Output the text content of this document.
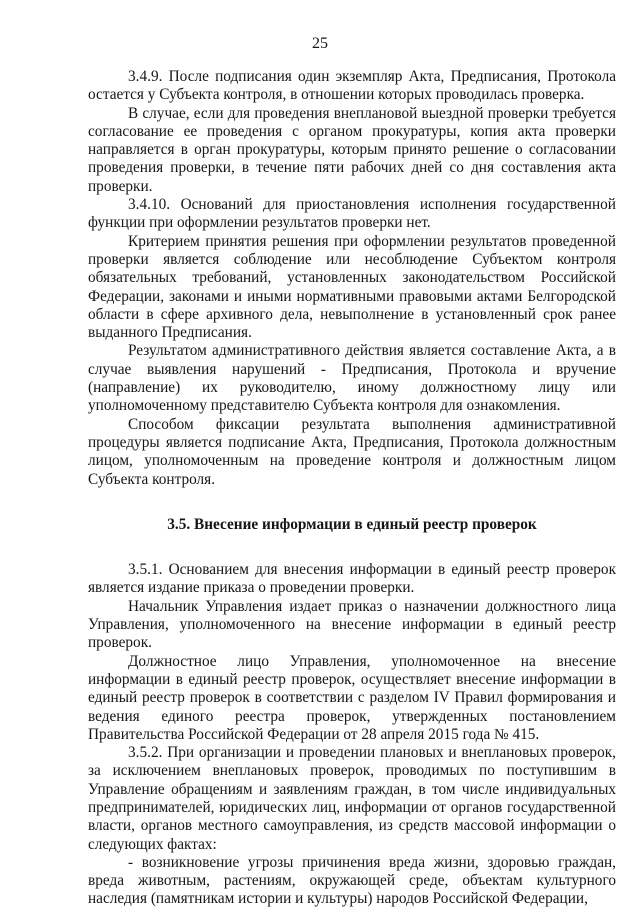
25

3.4.9. После подписания один экземпляр Акта, Предписания, Протокола остается у Субъекта контроля, в отношении которых проводилась проверка.

В случае, если для проведения внеплановой выездной проверки требуется согласование ее проведения с органом прокуратуры, копия акта проверки направляется в орган прокуратуры, которым принято решение о согласовании проведения проверки, в течение пяти рабочих дней со дня составления акта проверки.

3.4.10. Оснований для приостановления исполнения государственной функции при оформлении результатов проверки нет.

Критерием принятия решения при оформлении результатов проведенной проверки является соблюдение или несоблюдение Субъектом контроля обязательных требований, установленных законодательством Российской Федерации, законами и иными нормативными правовыми актами Белгородской области в сфере архивного дела, невыполнение в установленный срок ранее выданного Предписания.

Результатом административного действия является составление Акта, а в случае выявления нарушений - Предписания, Протокола и вручение (направление) их руководителю, иному должностному лицу или уполномоченному представителю Субъекта контроля для ознакомления.

Способом фиксации результата выполнения административной процедуры является подписание Акта, Предписания, Протокола должностным лицом, уполномоченным на проведение контроля и должностным лицом Субъекта контроля.

3.5. Внесение информации в единый реестр проверок

3.5.1. Основанием для внесения информации в единый реестр проверок является издание приказа о проведении проверки.

Начальник Управления издает приказ о назначении должностного лица Управления, уполномоченного на внесение информации в единый реестр проверок.

Должностное лицо Управления, уполномоченное на внесение информации в единый реестр проверок, осуществляет внесение информации в единый реестр проверок в соответствии с разделом IV Правил формирования и ведения единого реестра проверок, утвержденных постановлением Правительства Российской Федерации от 28 апреля 2015 года № 415.

3.5.2. При организации и проведении плановых и внеплановых проверок, за исключением внеплановых проверок, проводимых по поступившим в Управление обращениям и заявлениям граждан, в том числе индивидуальных предпринимателей, юридических лиц, информации от органов государственной власти, органов местного самоуправления, из средств массовой информации о следующих фактах:

- возникновение угрозы причинения вреда жизни, здоровью граждан, вреда животным, растениям, окружающей среде, объектам культурного наследия (памятникам истории и культуры) народов Российской Федерации,
